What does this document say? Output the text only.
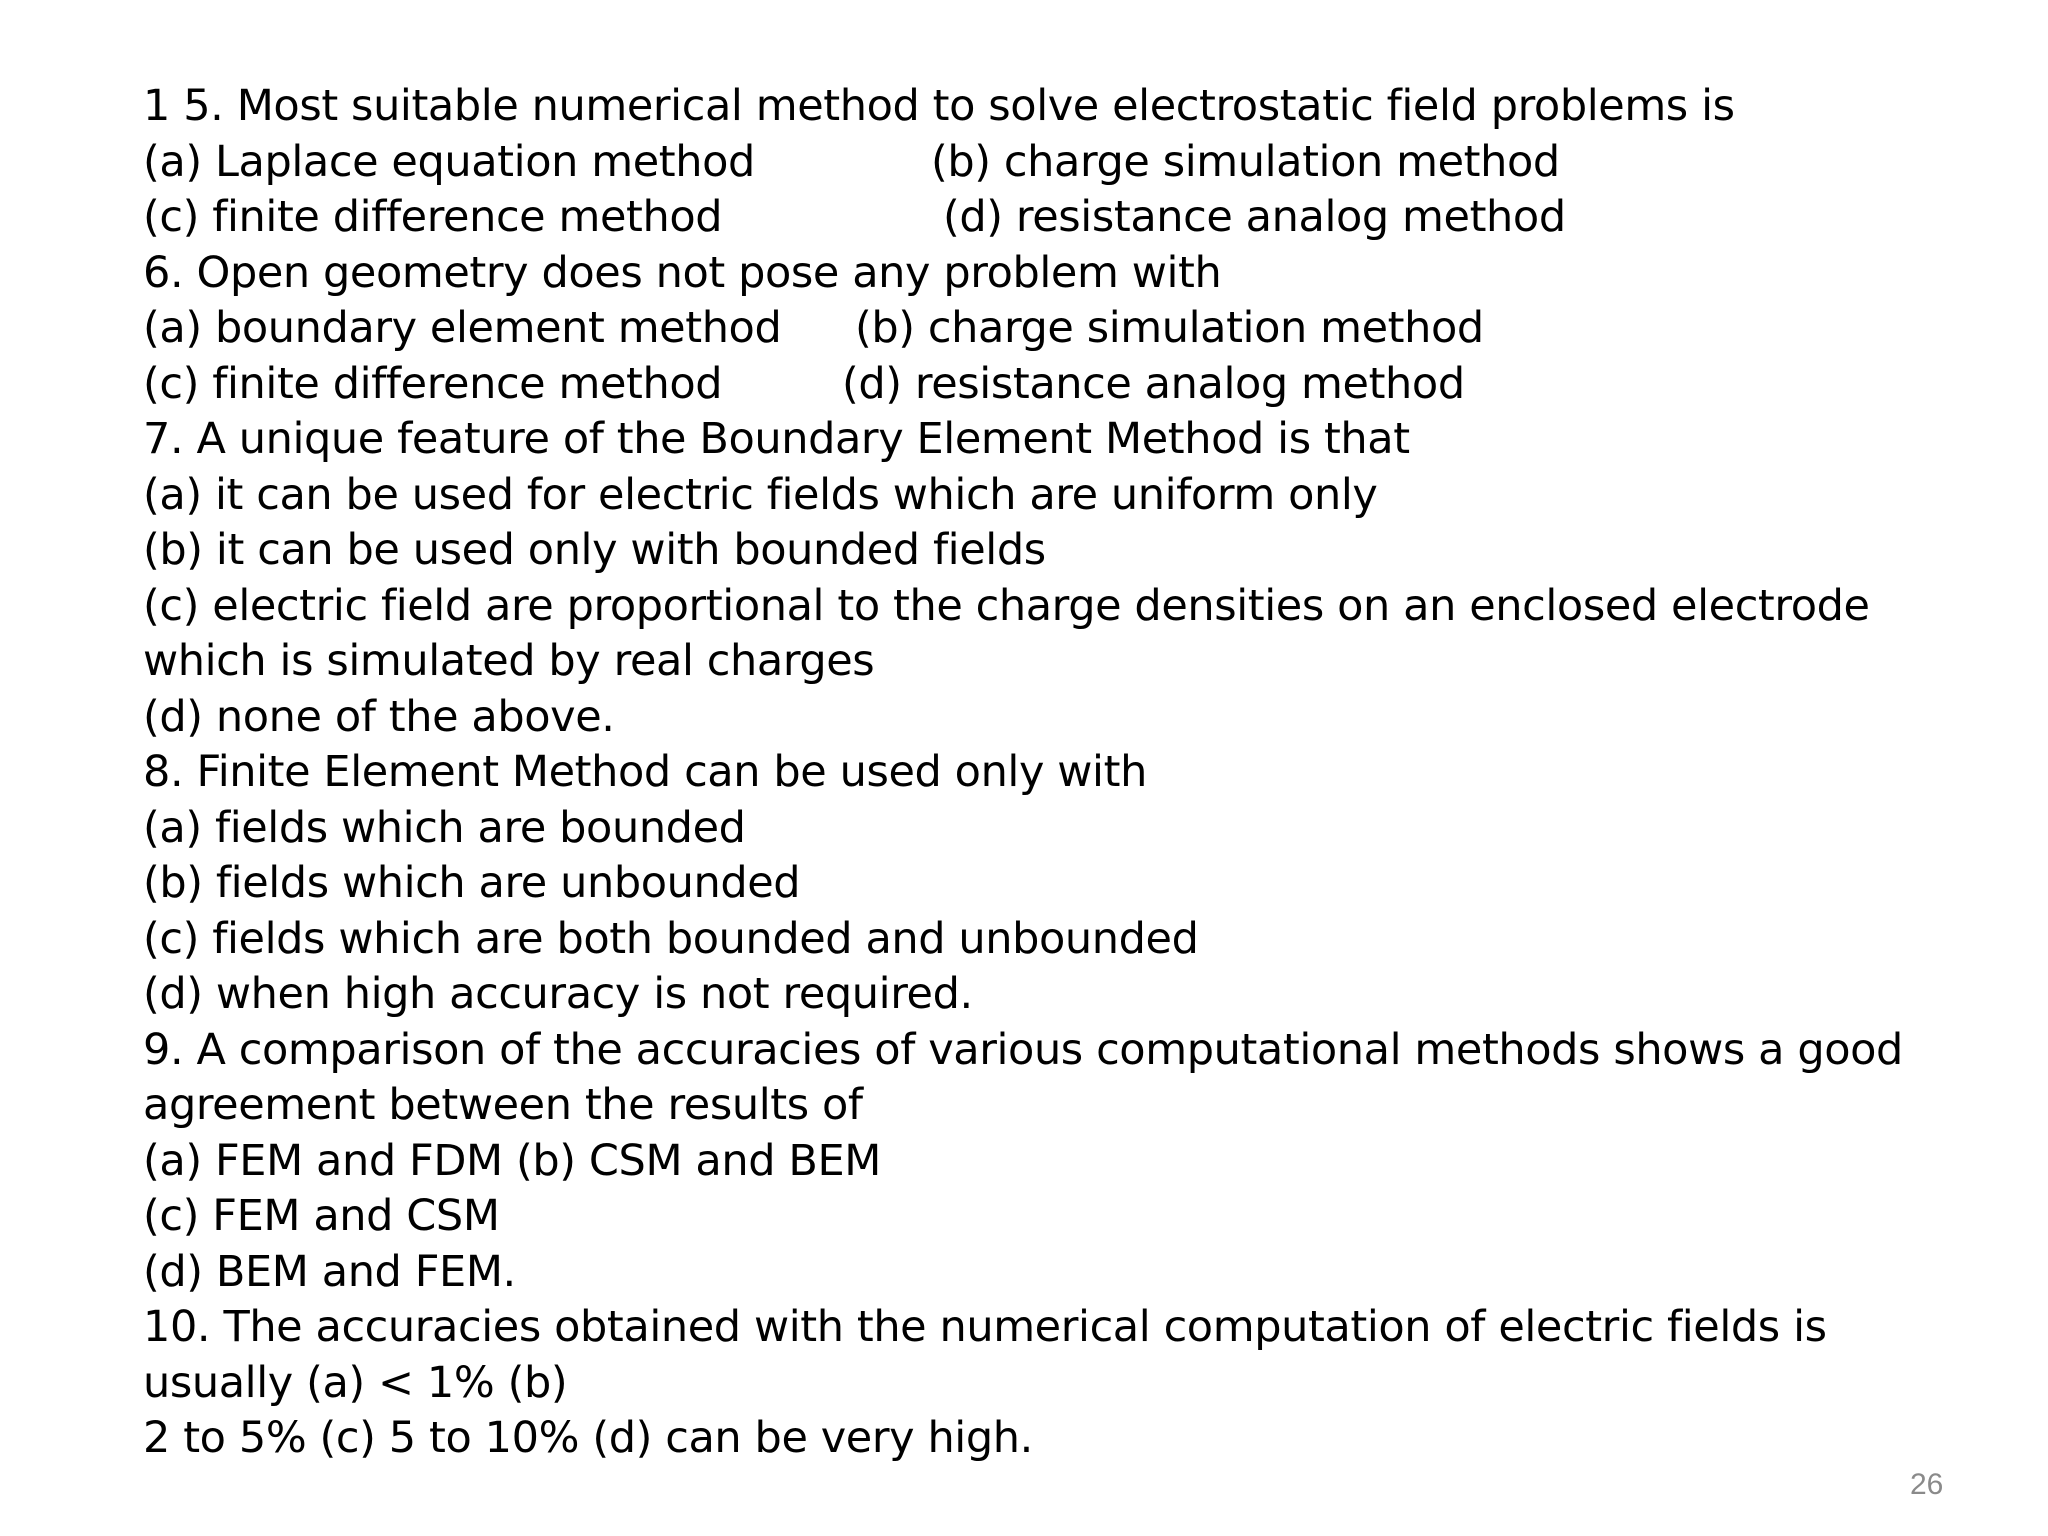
1 5. Most suitable numerical method to solve electrostatic field problems is
(a) Laplace equation method	(b) charge simulation method
(c) finite difference method	(d) resistance analog method
6. Open geometry does not pose any problem with
(a) boundary element method (b) charge simulation method
(c) finite difference method	(d) resistance analog method
7. A unique feature of the Boundary Element Method is that
(a) it can be used for electric fields which are uniform only
(b) it can be used only with bounded fields
(c) electric field are proportional to the charge densities on an enclosed electrode
which is simulated by real charges
(d) none of the above.
8. Finite Element Method can be used only with
(a) fields which are bounded
(b) fields which are unbounded
(c) fields which are both bounded and unbounded
(d) when high accuracy is not required.
9. A comparison of the accuracies of various computational methods shows a good
agreement between the results of
(a) FEM and FDM (b) CSM and BEM
(c) FEM and CSM
(d) BEM and FEM.
10. The accuracies obtained with the numerical computation of electric fields is
usually (a) < 1% (b)
2 to 5% (c) 5 to 10% (d) can be very high.
26
